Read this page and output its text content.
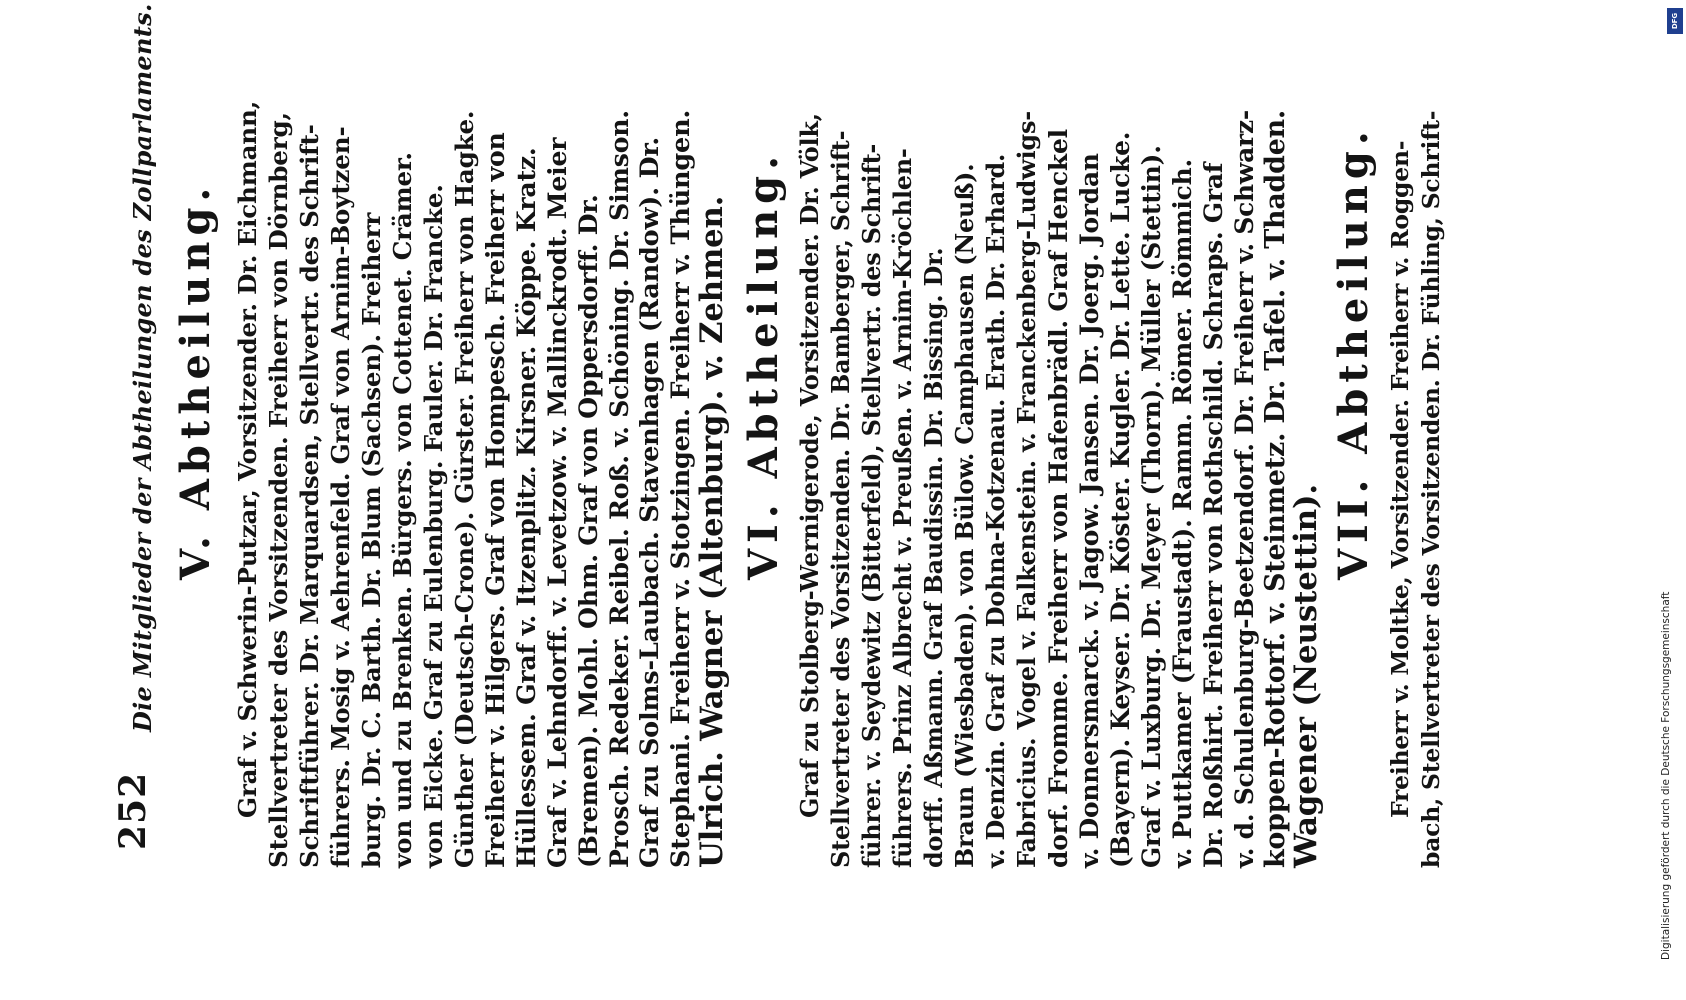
252
Die Mitglieder der Abtheilungen des Zollparlaments. V. Abtheilung. Graf v. Schwerin-Putzar, Vorsitzender. Dr. Eichmann, Stellvertreter des Vorsitzenden. Freiherr von Dörnberg, Schriftführer. Dr. Marquardsen, Stellvertr. des Schrift- führers. Mosig v. Aehrenfeld. Graf von Arnim-Boytzen- burg. Dr. C. Barth. Dr. Blum (Sachsen). Freiherr von und zu Brenken. Bürgers. von Cottenet. Crämer. von Eicke. Graf zu Eulenburg. Fauler. Dr. Francke. Günther (Deutsch-Crone). Gürster. Freiherr von Hagke. Freiherr v. Hilgers. Graf von Hompesch. Freiherr von Hüllessem. Graf v. Itzenplitz. Kirsner. Köppe. Kratz. Graf v. Lehndorff. v. Levetzow. v. Mallinckrodt. Meier (Bremen). Mohl. Ohm. Graf von Oppersdorff. Dr. Prosch. Redeker. Reibel. Roß. v. Schöning. Dr. Simson. Graf zu Solms-Laubach. Stavenhagen (Randow). Dr. Stephani. Freiherr v. Stotzingen. Freiherr v. Thüngen.
Ulrich. Wagner (Altenburg). v. Zehmen. VI. Abtheilung. Graf zu Stolberg-Wernigerode, Vorsitzender. Dr. Völk, Stellvertreter des Vorsitzenden. Dr. Bamberger, Schrift- führer. v. Seydewitz (Bitterfeld), Stellvertr. des Schrift- führers. Prinz Albrecht v. Preußen. v. Arnim-Kröchlen- dorff. Aßmann. Graf Baudissin. Dr. Bissing. Dr. Braun (Wiesbaden). von Bülow. Camphausen (Neuß). v. Denzin. Graf zu Dohna-Kotzenau. Erath. Dr. Erhard. Fabricius. Vogel v. Falkenstein. v. Franckenberg-Ludwigs- dorf. Fromme. Freiherr von Hafenbrädl. Graf Henckel v. Donnersmarck. v. Jagow. Jansen. Dr. Joerg. Jordan (Bayern). Keyser. Dr. Köster. Kugler. Dr. Lette. Lucke. Graf v. Luxburg. Dr. Meyer (Thorn). Müller (Stettin). v. Puttkamer (Fraustadt). Ramm. Römer. Römmich. Dr. Roßhirt. Freiherr von Rothschild. Schraps. Graf v. d. Schulenburg-Beetzendorf. Dr. Freiherr v. Schwarz- koppen-Rottorf. v. Steinmetz. Dr. Tafel. v. Thadden.
Wagener (Neustettin).
VII. Abtheilung. Freiherr v. Moltke, Vorsitzender. Freiherr v. Roggen- bach, Stellvertreter des Vorsitzenden. Dr. Fühling, Schrift-	Digitalisierung gefördert durch die Deutsche Forschungsgemeinschaft
DFG
